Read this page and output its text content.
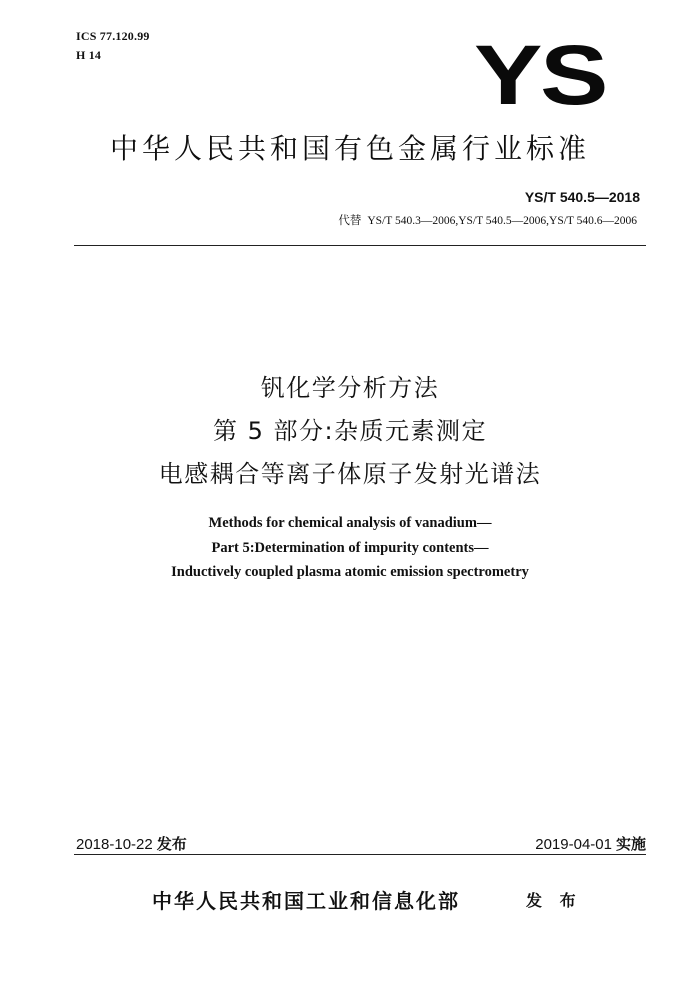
ICS 77.120.99
H 14	YS
中华人民共和国有色金属行业标准
YS/T 540.5—2018
代替 YS/T 540.3—2006,YS/T 540.5—2006,YS/T 540.6—2006
钒化学分析方法
第 5 部分:杂质元素测定
电感耦合等离子体原子发射光谱法
Methods for chemical analysis of vanadium—
Part 5:Determination of impurity contents—
Inductively coupled plasma atomic emission spectrometry
2018-10-22 发布	2019-04-01 实施
中华人民共和国工业和信息化部	发 布
